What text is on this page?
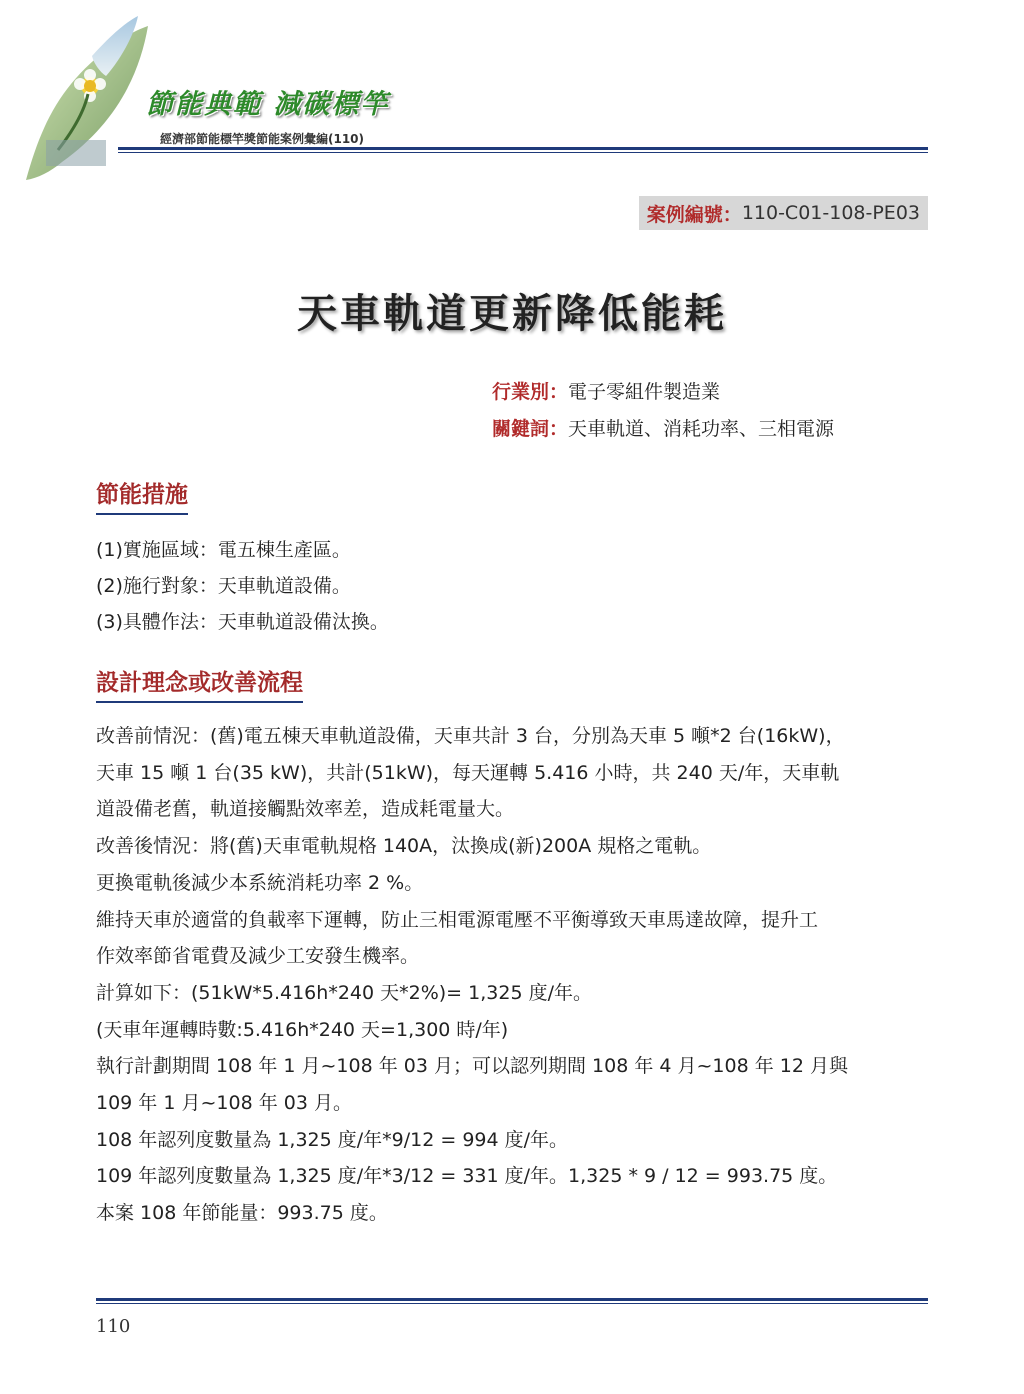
節能典範 減碳標竿
經濟部節能標竿獎節能案例彙編(110)
案例編號： 110-C01-108-PE03
天車軌道更新降低能耗
行業別：電子零組件製造業
關鍵詞：天車軌道、消耗功率、三相電源
節能措施
(1)實施區域：電五棟生產區。
(2)施行對象：天車軌道設備。
(3)具體作法：天車軌道設備汰換。
設計理念或改善流程
改善前情況：(舊)電五棟天車軌道設備，天車共計 3 台，分別為天車 5 噸*2 台(16kW)，
天車 15 噸 1 台(35 kW)，共計(51kW)，每天運轉 5.416 小時，共 240 天/年，天車軌
道設備老舊，軌道接觸點效率差，造成耗電量大。
改善後情況：將(舊)天車電軌規格 140A，汰換成(新)200A 規格之電軌。
更換電軌後減少本系統消耗功率 2 %。
維持天車於適當的負載率下運轉，防止三相電源電壓不平衡導致天車馬達故障，提升工
作效率節省電費及減少工安發生機率。
計算如下：(51kW*5.416h*240 天*2%)= 1,325 度/年。
(天車年運轉時數:5.416h*240 天=1,300 時/年)
執行計劃期間 108 年 1 月~108 年 03 月；可以認列期間 108 年 4 月~108 年 12 月與
109 年 1 月~108 年 03 月。
108 年認列度數量為 1,325 度/年*9/12 = 994 度/年。
109 年認列度數量為 1,325 度/年*3/12 = 331 度/年。1,325 * 9 / 12 = 993.75 度。
本案 108 年節能量：993.75 度。
110
